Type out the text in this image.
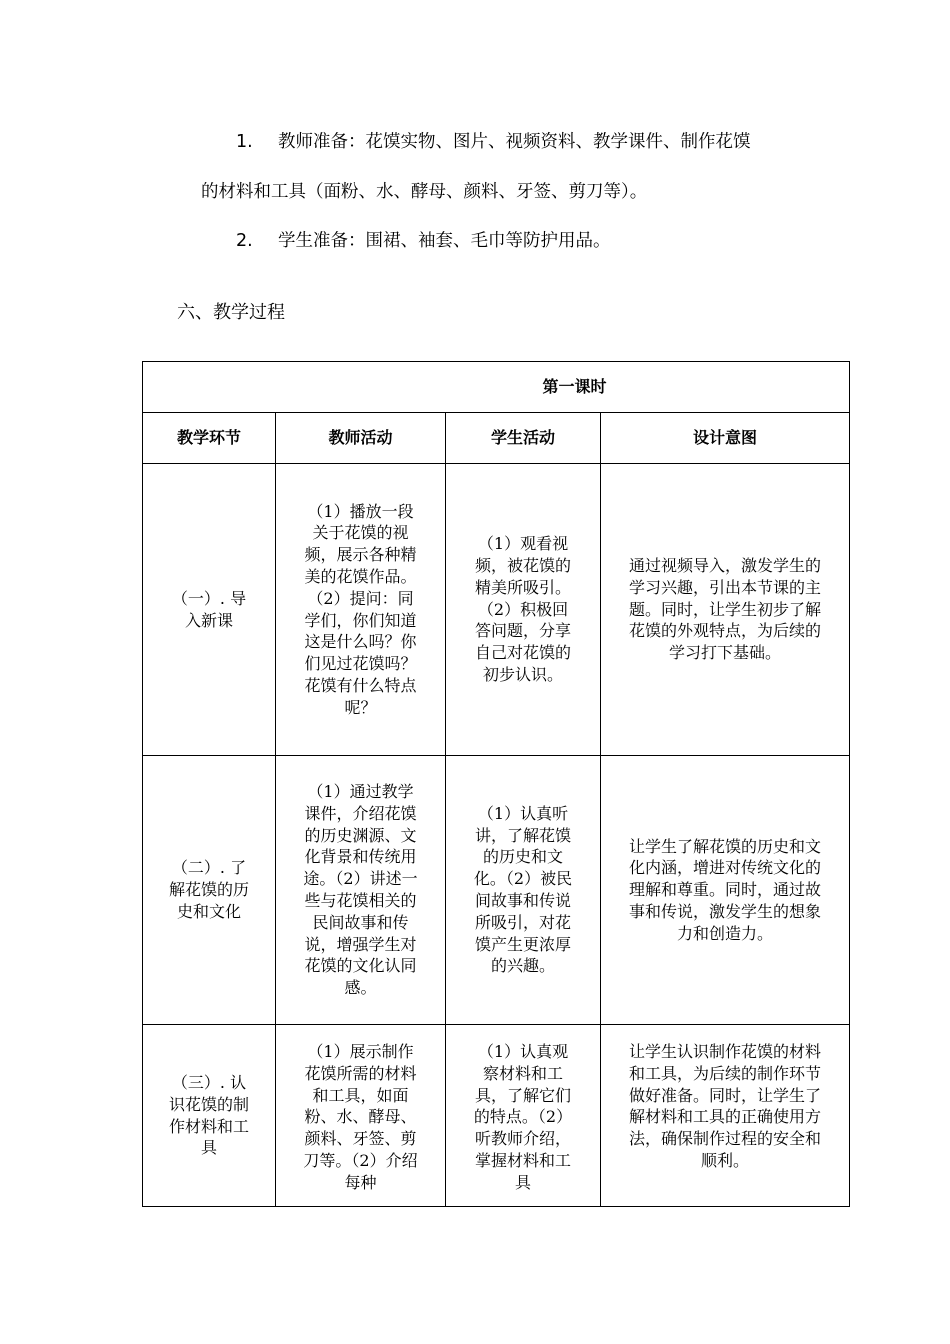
1. 教师准备：花馍实物、图片、视频资料、教学课件、制作花馍
的材料和工具（面粉、水、酵母、颜料、牙签、剪刀等）。
2. 学生准备：围裙、袖套、毛巾等防护用品。
六、教学过程
第一课时			
教学环节	教师活动	学生活动	设计意图

（一）. 导入新课	（1）播放一段关于花馍的视频，展示各种精美的花馍作品。（2）提问：同学们，你们知道这是什么吗？你们见过花馍吗？花馍有什么特点呢？	（1）观看视频，被花馍的精美所吸引。（2）积极回答问题，分享自己对花馍的初步认识。	通过视频导入，激发学生的学习兴趣，引出本节课的主题。同时，让学生初步了解花馍的外观特点，为后续的学习打下基础。

（二）. 了解花馍的历史和文化	（1）通过教学课件，介绍花馍的历史渊源、文化背景和传统用途。（2）讲述一些与花馍相关的民间故事和传说，增强学生对花馍的文化认同感。	（1）认真听讲，了解花馍的历史和文化。（2）被民间故事和传说所吸引，对花馍产生更浓厚的兴趣。	让学生了解花馍的历史和文化内涵，增进对传统文化的理解和尊重。同时，通过故事和传说，激发学生的想象力和创造力。

（三）. 认识花馍的制作材料和工具	（1）展示制作花馍所需的材料和工具，如面粉、水、酵母、颜料、牙签、剪刀等。（2）介绍每种	（1）认真观察材料和工具，了解它们的特点。（2）听教师介绍，掌握材料和工具	让学生认识制作花馍的材料和工具，为后续的制作环节做好准备。同时，让学生了解材料和工具的正确使用方法，确保制作过程的安全和顺利。
